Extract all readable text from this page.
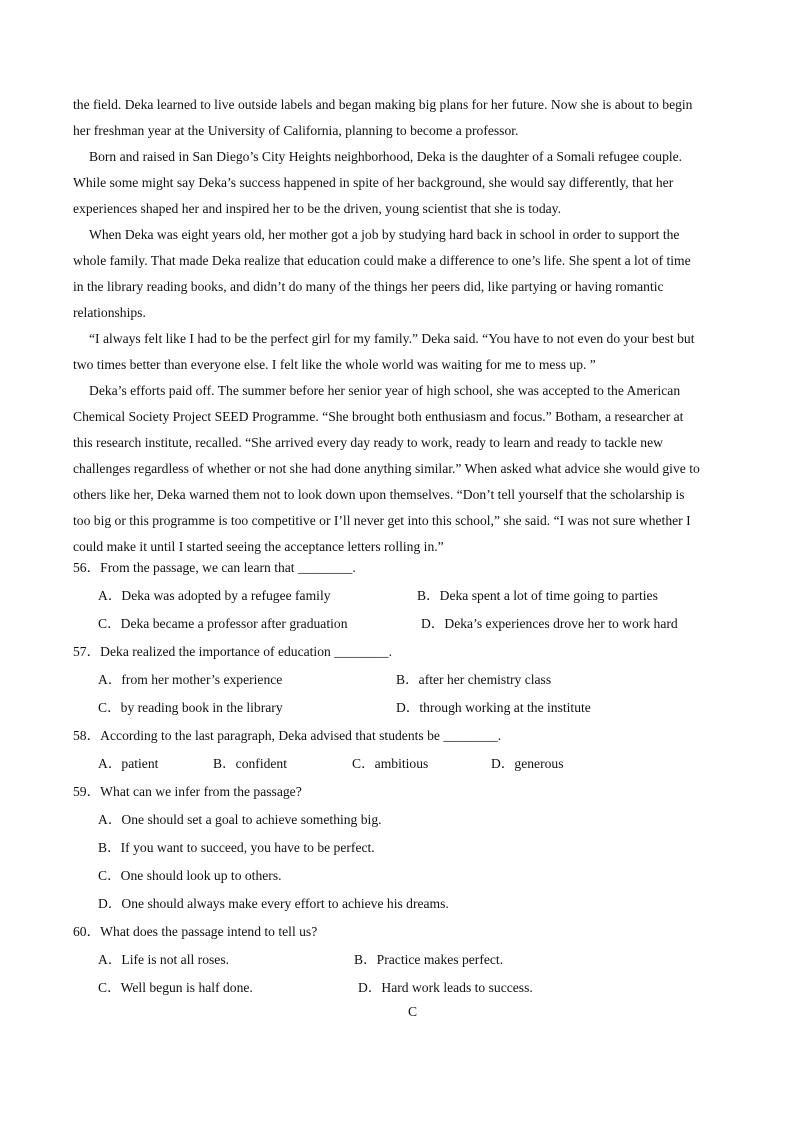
the field. Deka learned to live outside labels and began making big plans for her future. Now she is about to begin
her freshman year at the University of California, planning to become a professor.

Born and raised in San Diego’s City Heights neighborhood, Deka is the daughter of a Somali refugee couple.
While some might say Deka’s success happened in spite of her background, she would say differently, that her
experiences shaped her and inspired her to be the driven, young scientist that she is today.

When Deka was eight years old, her mother got a job by studying hard back in school in order to support the
whole family. That made Deka realize that education could make a difference to one’s life. She spent a lot of time
in the library reading books, and didn’t do many of the things her peers did, like partying or having romantic
relationships.

“I always felt like I had to be the perfect girl for my family.” Deka said. “You have to not even do your best but
two times better than everyone else. I felt like the whole world was waiting for me to mess up. ”

Deka’s efforts paid off. The summer before her senior year of high school, she was accepted to the American
Chemical Society Project SEED Programme. “She brought both enthusiasm and focus.” Botham, a researcher at
this research institute, recalled. “She arrived every day ready to work, ready to learn and ready to tackle new
challenges regardless of whether or not she had done anything similar.” When asked what advice she would give to
others like her, Deka warned them not to look down upon themselves. “Don’t tell yourself that the scholarship is
too big or this programme is too competitive or I’ll never get into this school,” she said. “I was not sure whether I
could make it until I started seeing the acceptance letters rolling in.”

56．From the passage, we can learn that ________.
A．Deka was adopted by a refugee family	B．Deka spent a lot of time going to parties
C．Deka became a professor after graduation	D．Deka’s experiences drove her to work hard
57．Deka realized the importance of education ________.
A．from her mother’s experience	B．after her chemistry class
C．by reading book in the library	D．through working at the institute
58．According to the last paragraph, Deka advised that students be ________.
A．patient	B．confident	C．ambitious	D．generous
59．What can we infer from the passage?
A．One should set a goal to achieve something big.
B．If you want to succeed, you have to be perfect.
C．One should look up to others.
D．One should always make every effort to achieve his dreams.
60．What does the passage intend to tell us?
A．Life is not all roses.	B．Practice makes perfect.
C．Well begun is half done.	D．Hard work leads to success.
C
